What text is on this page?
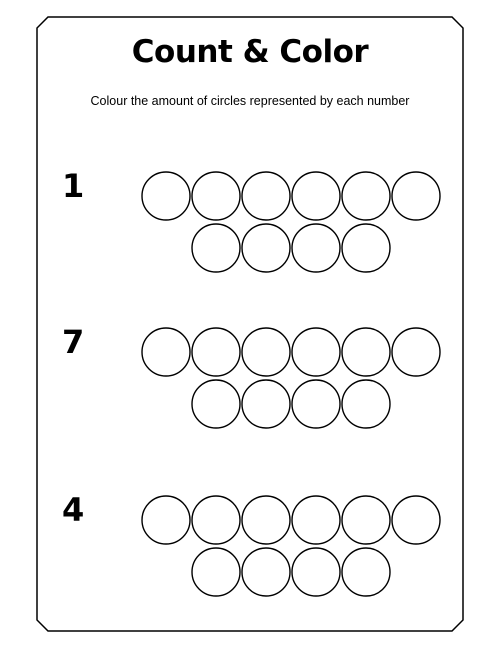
Count & Color
Colour the amount of circles represented by each number
1
7
4
